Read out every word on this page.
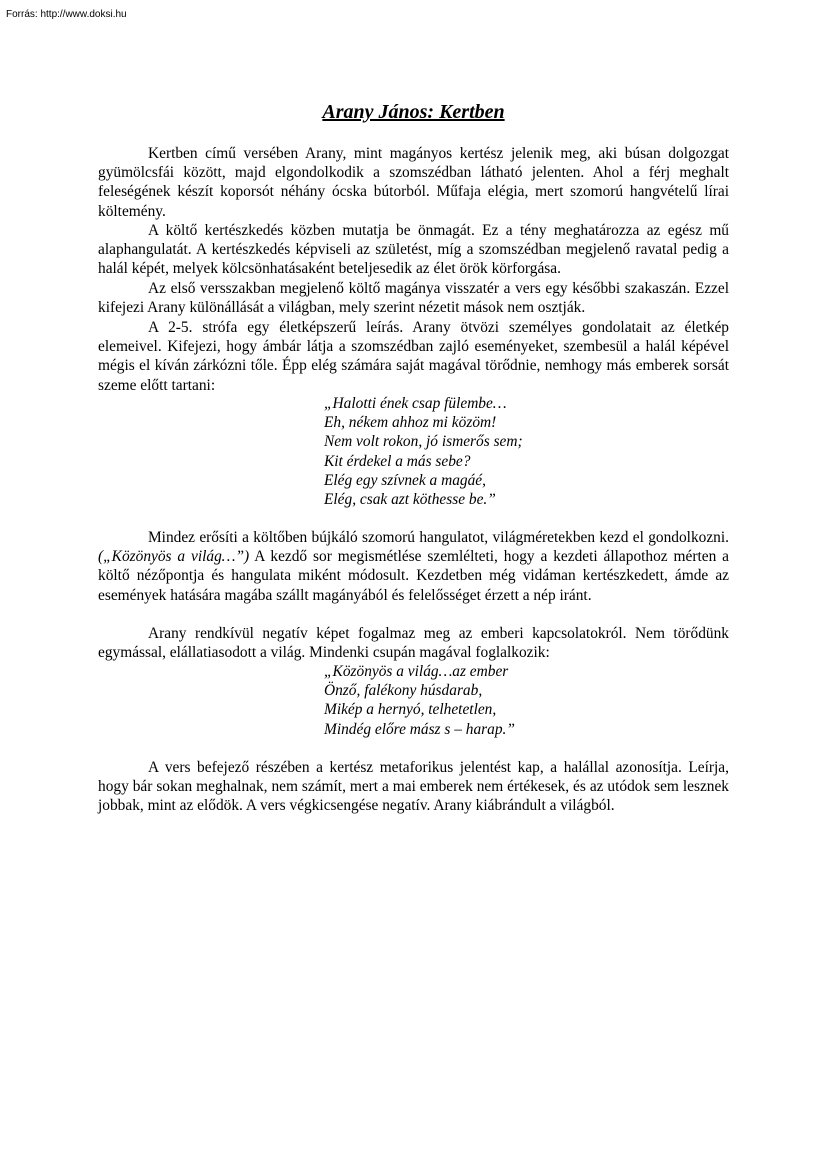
Forrás: http://www.doksi.hu
Arany János: Kertben

Kertben című versében Arany, mint magányos kertész jelenik meg, aki búsan dolgozgat gyümölcsfái között, majd elgondolkodik a szomszédban látható jelenten. Ahol a férj meghalt feleségének készít koporsót néhány ócska bútorból. Műfaja elégia, mert szomorú hangvételű lírai költemény.

A költő kertészkedés közben mutatja be önmagát. Ez a tény meghatározza az egész mű alaphangulatát. A kertészkedés képviseli az születést, míg a szomszédban megjelenő ravatal pedig a halál képét, melyek kölcsönhatásaként beteljesedik az élet örök körforgása.

Az első versszakban megjelenő költő magánya visszatér a vers egy későbbi szakaszán. Ezzel kifejezi Arany különállását a világban, mely szerint nézetit mások nem osztják.

A 2-5. strófa egy életképszerű leírás. Arany ötvözi személyes gondolatait az életkép elemeivel. Kifejezi, hogy ámbár látja a szomszédban zajló eseményeket, szembesül a halál képével mégis el kíván zárkózni tőle. Épp elég számára saját magával törődnie, nemhogy más emberek sorsát szeme előtt tartani:

„Halotti ének csap fülembe…
Eh, nékem ahhoz mi közöm!
Nem volt rokon, jó ismerős sem;
Kit érdekel a más sebe?
Elég egy szívnek a magáé,
Elég, csak azt köthesse be.”

Mindez erősíti a költőben bújkáló szomorú hangulatot, világméretekben kezd el gondolkozni. („Közönyös a világ…”) A kezdő sor megismétlése szemlélteti, hogy a kezdeti állapothoz mérten a költő nézőpontja és hangulata miként módosult. Kezdetben még vidáman kertészkedett, ámde az események hatására magába szállt magányából és felelősséget érzett a nép iránt.

Arany rendkívül negatív képet fogalmaz meg az emberi kapcsolatokról. Nem törődünk egymással, elállatiasodott a világ. Mindenki csupán magával foglalkozik:

„Közönyös a világ…az ember
Önző, falékony húsdarab,
Mikép a hernyó, telhetetlen,
Mindég előre mász s – harap.”

A vers befejező részében a kertész metaforikus jelentést kap, a halállal azonosítja. Leírja, hogy bár sokan meghalnak, nem számít, mert a mai emberek nem értékesek, és az utódok sem lesznek jobbak, mint az elődök. A vers végkicsengése negatív. Arany kiábrándult a világból.
